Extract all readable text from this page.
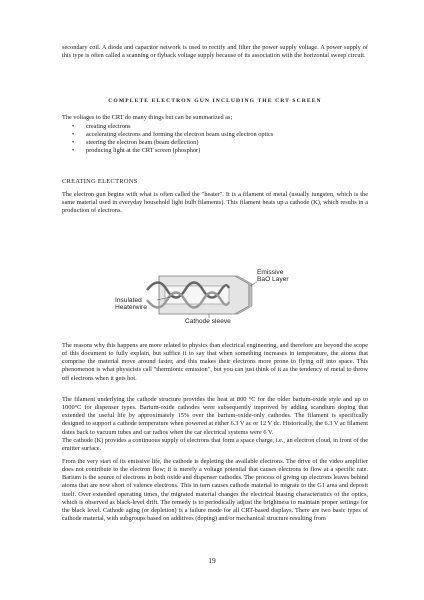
secondary coil. A diode and capacitor network is used to rectify and filter the power supply voltage. A power supply of this type is often called a scanning or flyback voltage supply because of its association with the horizontal sweep circuit.

COMPLETE ELECTRON GUN INCLUDING THE CRT SCREEN

The voltages to the CRT do many things but can be summarized as;

• creating electrons
• accelerating electrons and forming the electron beam using electron optics
• steering the electron beam (beam deflection)
• producing light at the CRT screen (phosphor)
CREATING ELECTRONS

The electron gun begins with what is often called the "heater". It is a filament of metal (usually tungsten, which is the same material used in everyday household light bulb filaments). This filament heats up a cathode (K), which results in a production of electrons.

Emissive
BaO Layer
Insulated
Heaterwire
Cathode sleeve

The reasons why this happens are more related to physics than electrical engineering, and therefore are beyond the scope of this document to fully explain, but suffice it to say that when something increases in temperature, the atoms that comprise the material move around faster, and this makes their electrons more prone to flying off into space. This phenomenon is what physicists call "thermionic emission", but you can just think of it as the tendency of metal to throw off electrons when it gets hot.

The filament underlying the cathode structure provides the heat at 800 °C for the older barium-oxide style and up to 1000°C for dispenser types. Barium-oxide cathodes were subsequently improved by adding scandium doping that extended the useful life by approximately 15% over the barium-oxide-only cathodes. The filament is specifically designed to support a cathode temperature when powered at either 6.3 V ac or 12 V dc. Historically, the 6.3 V ac filament dates back to vacuum tubes and car radios when the car electrical systems were 6 V.

The cathode (K) provides a continuous supply of electrons that form a space charge, i.e., an electron cloud, in front of the emitter surface.

From the very start of its emissive life, the cathode is depleting the available electrons. The drive of the video amplifier does not contribute to the electron flow; it is merely a voltage potential that causes electrons to flow at a specific rate. Barium is the source of electrons in both oxide and dispenser cathodes. The process of giving up electrons leaves behind atoms that are now short of valence electrons. This in turn causes cathode material to migrate to the G1 area and deposit itself. Over extended operating times, the migrated material changes the electrical biasing characteristics of the optics, which is observed as black-level drift. The remedy is to periodically adjust the brightness to maintain proper settings for the black level. Cathode aging (or depletion) is a failure mode for all CRT-based displays. There are two basic types of cathode material, with subgroups based on additives (doping) and/or mechanical structure resulting from

19
